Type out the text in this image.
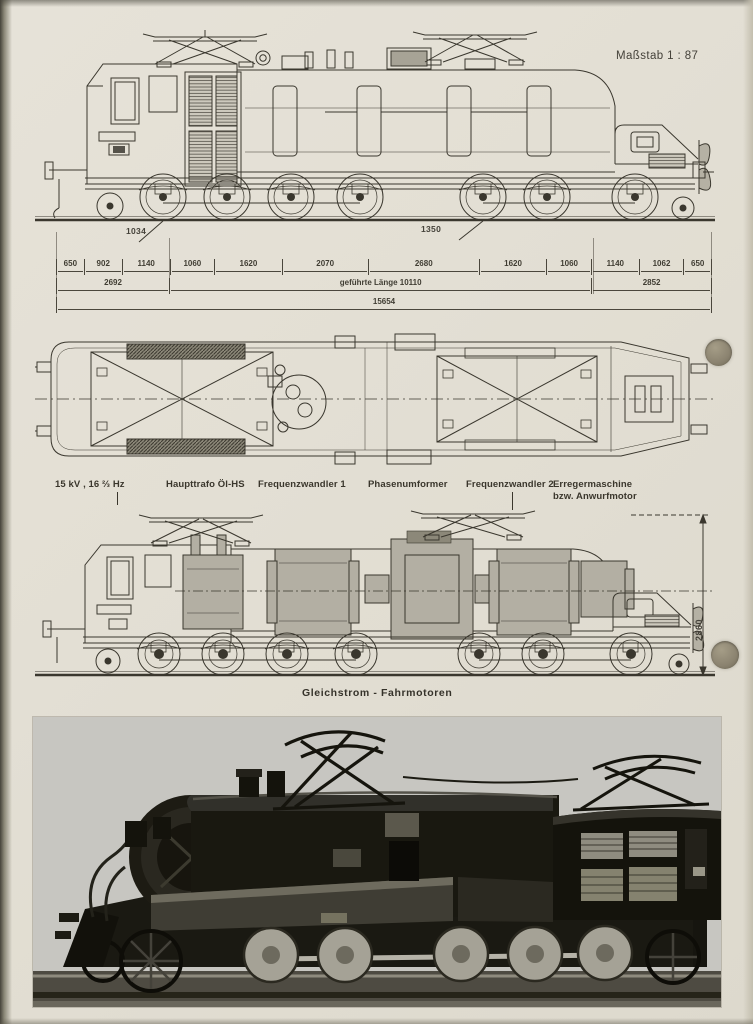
Maßstab 1 : 87
1034	1350
650 902	1140	1060	1620	2070	2680	1620	1060	1140	1062	650
2692	geführte Länge 10110	2852
15654
15 kV , 16 ⅔ Hz	Haupttrafo Öl-HS Frequenzwandler 1 Phasenumformer Frequenzwandler 2 Erregermaschine
bzw. Anwurfmotor
2860
Gleichstrom - Fahrmotoren
